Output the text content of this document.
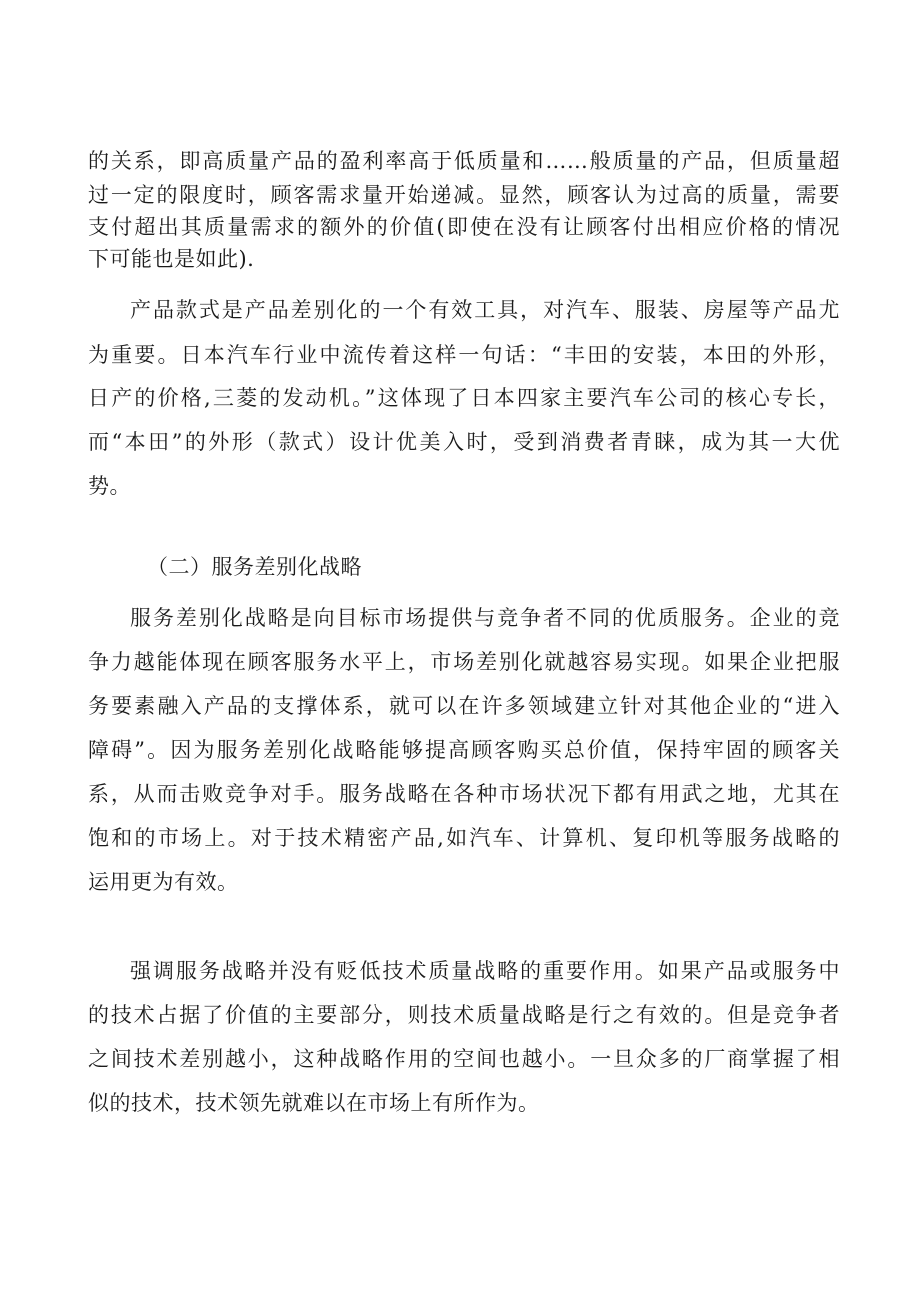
的关系，即高质量产品的盈利率高于低质量和……般质量的产品，但质量超
过一定的限度时，顾客需求量开始递减。显然，顾客认为过高的质量，需要
支付超出其质量需求的额外的价值(即使在没有让顾客付出相应价格的情况
下可能也是如此)．
产品款式是产品差别化的一个有效工具，对汽车、服装、房屋等产品尤
为重要。日本汽车行业中流传着这样一句话：“丰田的安装，本田的外形，
日产的价格,三菱的发动机。”这体现了日本四家主要汽车公司的核心专长，
而“本田”的外形（款式）设计优美入时，受到消费者青睐，成为其一大优
势。
（二）服务差别化战略
服务差别化战略是向目标市场提供与竞争者不同的优质服务。企业的竞
争力越能体现在顾客服务水平上，市场差别化就越容易实现。如果企业把服
务要素融入产品的支撑体系，就可以在许多领域建立针对其他企业的“进入
障碍”。因为服务差别化战略能够提高顾客购买总价值，保持牢固的顾客关
系，从而击败竞争对手。服务战略在各种市场状况下都有用武之地，尤其在
饱和的市场上。对于技术精密产品,如汽车、计算机、复印机等服务战略的
运用更为有效。
强调服务战略并没有贬低技术质量战略的重要作用。如果产品或服务中
的技术占据了价值的主要部分，则技术质量战略是行之有效的。但是竞争者
之间技术差别越小，这种战略作用的空间也越小。一旦众多的厂商掌握了相
似的技术，技术领先就难以在市场上有所作为。
